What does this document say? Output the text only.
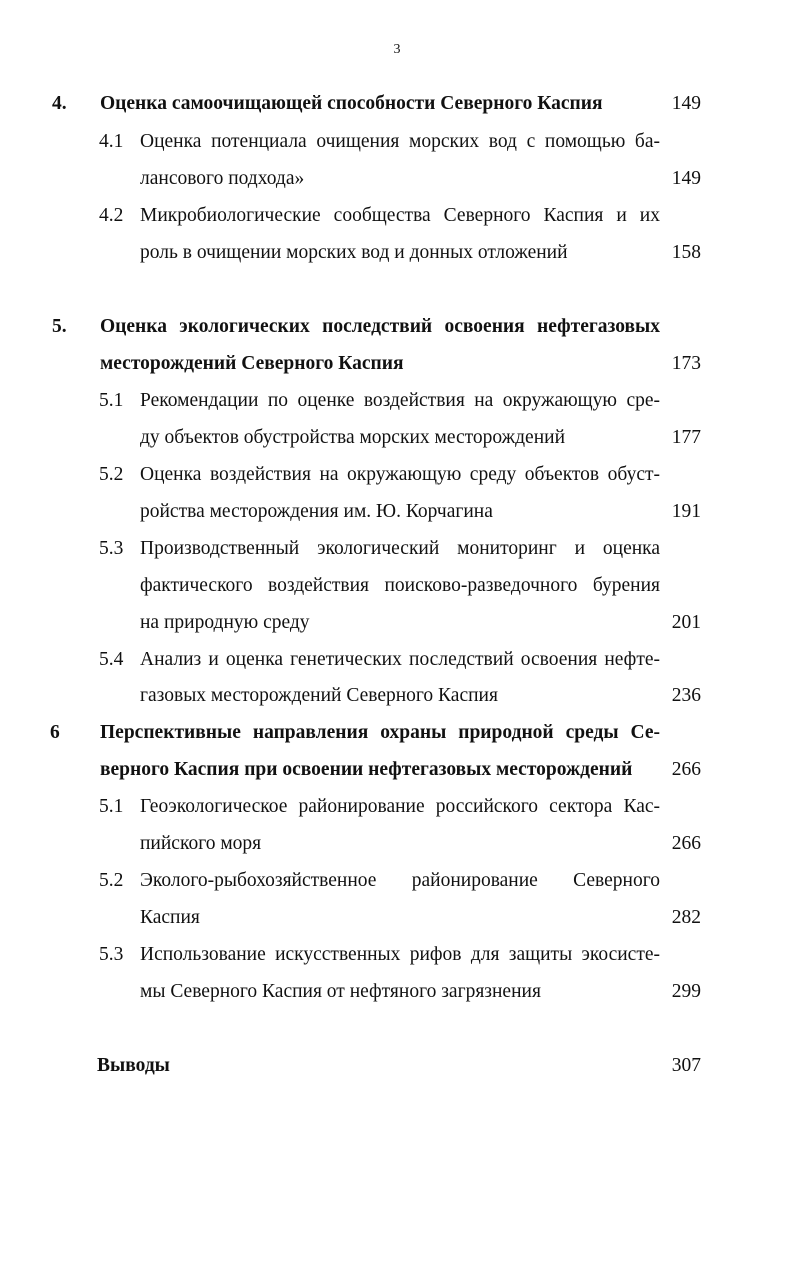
3
4. Оценка самоочищающей способности Северного Каспия	149
4.1 Оценка потенциала очищения морских вод с помощью ба-
лансового подхода»	149
4.2 Микробиологические сообщества Северного Каспия и их
роль в очищении морских вод и донных отложений	158
5. Оценка экологических последствий освоения нефтегазовых
месторождений Северного Каспия	173
5.1 Рекомендации по оценке воздействия на окружающую сре-
ду объектов обустройства морских месторождений	177
5.2 Оценка воздействия на окружающую среду объектов обуст-
ройства месторождения им. Ю. Корчагина	191
5.3 Производственный экологический мониторинг и оценка
фактического воздействия поисково-разведочного бурения
на природную среду	201
5.4 Анализ и оценка генетических последствий освоения нефте-
газовых месторождений Северного Каспия	236
6 Перспективные направления охраны природной среды Се-
верного Каспия при освоении нефтегазовых месторождений	266
5.1 Геоэкологическое районирование российского сектора Кас-
пийского моря	266
5.2 Эколого-рыбохозяйственное районирование Северного
Каспия	282
5.3 Использование искусственных рифов для защиты экосисте-
мы Северного Каспия от нефтяного загрязнения	299
Выводы	307
